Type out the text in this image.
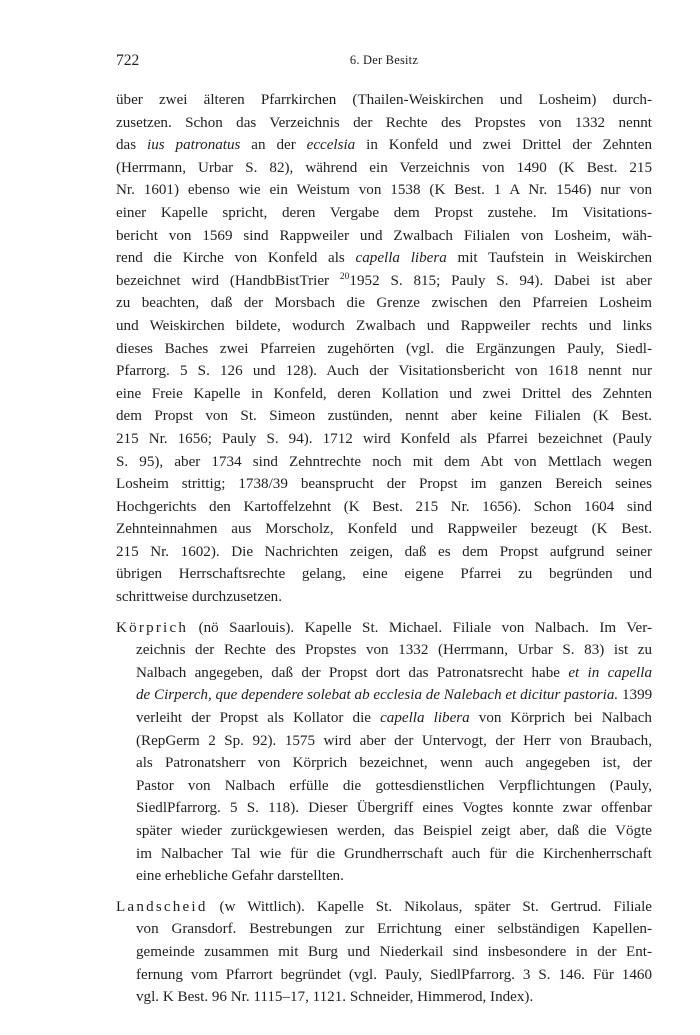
722	6. Der Besitz
über zwei älteren Pfarrkirchen (Thailen-Weiskirchen und Losheim) durch-
zusetzen. Schon das Verzeichnis der Rechte des Propstes von 1332 nennt
das ius patronatus an der eccelsia in Konfeld und zwei Drittel der Zehnten
(Herrmann, Urbar S. 82), während ein Verzeichnis von 1490 (K Best. 215
Nr. 1601) ebenso wie ein Weistum von 1538 (K Best. 1 A Nr. 1546) nur von
einer Kapelle spricht, deren Vergabe dem Propst zustehe. Im Visitations-
bericht von 1569 sind Rappweiler und Zwalbach Filialen von Losheim, wäh-
rend die Kirche von Konfeld als capella libera mit Taufstein in Weiskirchen
bezeichnet wird (HandbBistTrier $^{20}$1952 S. 815; Pauly S. 94). Dabei ist aber
zu beachten, daß der Morsbach die Grenze zwischen den Pfarreien Losheim
und Weiskirchen bildete, wodurch Zwalbach und Rappweiler rechts und links
dieses Baches zwei Pfarreien zugehörten (vgl. die Ergänzungen Pauly, Siedl-
Pfarrorg. 5 S. 126 und 128). Auch der Visitationsbericht von 1618 nennt nur
eine Freie Kapelle in Konfeld, deren Kollation und zwei Drittel des Zehnten
dem Propst von St. Simeon zustünden, nennt aber keine Filialen (K Best.
215 Nr. 1656; Pauly S. 94). 1712 wird Konfeld als Pfarrei bezeichnet (Pauly
S. 95), aber 1734 sind Zehntrechte noch mit dem Abt von Mettlach wegen
Losheim strittig; 1738/39 beansprucht der Propst im ganzen Bereich seines
Hochgerichts den Kartoffelzehnt (K Best. 215 Nr. 1656). Schon 1604 sind
Zehnteinnahmen aus Morscholz, Konfeld und Rappweiler bezeugt (K Best.
215 Nr. 1602). Die Nachrichten zeigen, daß es dem Propst aufgrund seiner
übrigen Herrschaftsrechte gelang, eine eigene Pfarrei zu begründen und
schrittweise durchzusetzen.
Körprich (nö Saarlouis). Kapelle St. Michael. Filiale von Nalbach. Im Ver-
zeichnis der Rechte des Propstes von 1332 (Herrmann, Urbar S. 83) ist zu
Nalbach angegeben, daß der Propst dort das Patronatsrecht habe et in capella
de Cirperch, que dependere solebat ab ecclesia de Nalebach et dicitur pastoria. 1399
verleiht der Propst als Kollator die capella libera von Körprich bei Nalbach
(RepGerm 2 Sp. 92). 1575 wird aber der Untervogt, der Herr von Braubach,
als Patronatsherr von Körprich bezeichnet, wenn auch angegeben ist, der
Pastor von Nalbach erfülle die gottesdienstlichen Verpflichtungen (Pauly,
SiedlPfarrorg. 5 S. 118). Dieser Übergriff eines Vogtes konnte zwar offenbar
später wieder zurückgewiesen werden, das Beispiel zeigt aber, daß die Vögte
im Nalbacher Tal wie für die Grundherrschaft auch für die Kirchenherrschaft
eine erhebliche Gefahr darstellten.
Landscheid (w Wittlich). Kapelle St. Nikolaus, später St. Gertrud. Filiale
von Gransdorf. Bestrebungen zur Errichtung einer selbständigen Kapellen-
gemeinde zusammen mit Burg und Niederkail sind insbesondere in der Ent-
fernung vom Pfarrort begründet (vgl. Pauly, SiedlPfarrorg. 3 S. 146. Für 1460
vgl. K Best. 96 Nr. 1115–17, 1121. Schneider, Himmerod, Index).
